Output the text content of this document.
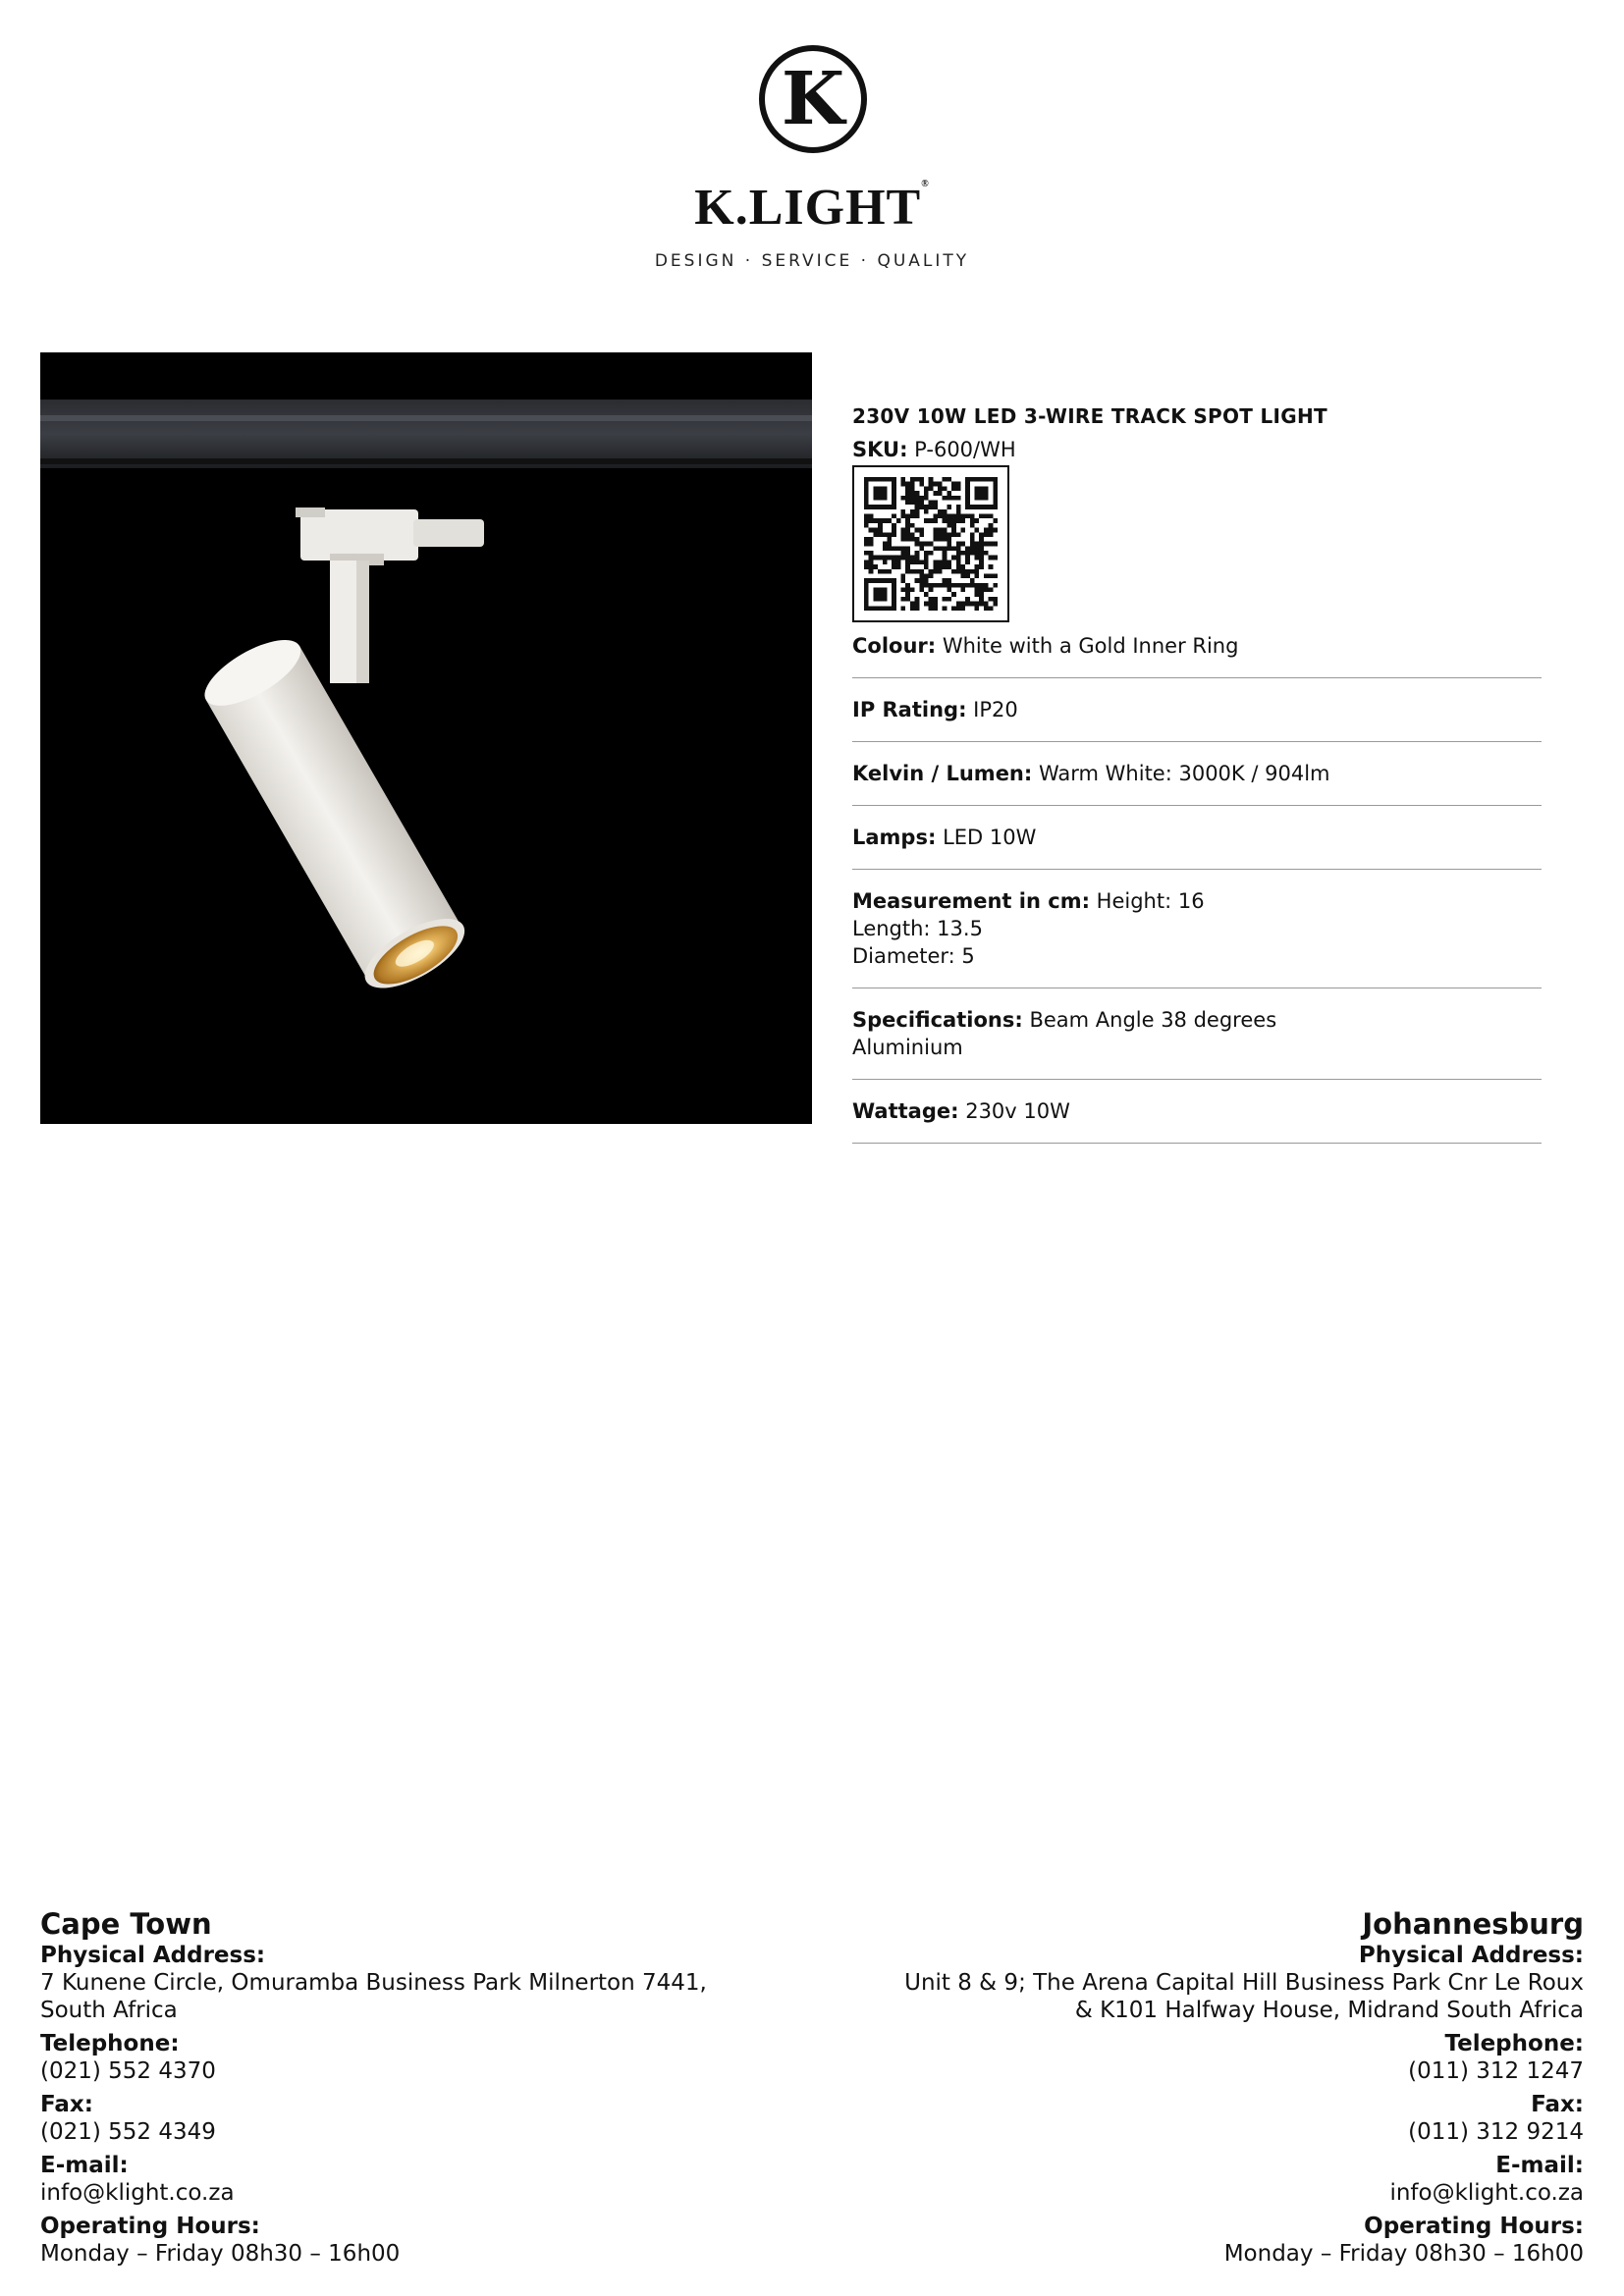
K
K.LIGHT®
DESIGN · SERVICE · QUALITY
230V 10W LED 3-WIRE TRACK SPOT LIGHT
SKU: P-600/WH
Colour: White with a Gold Inner Ring
IP Rating: IP20
Kelvin / Lumen: Warm White: 3000K / 904lm
Lamps: LED 10W
Measurement in cm: Height: 16
Length: 13.5
Diameter: 5
Specifications: Beam Angle 38 degrees
Aluminium
Wattage: 230v 10W
Cape Town
Physical Address:
7 Kunene Circle, Omuramba Business Park Milnerton 7441,
South Africa
Telephone:
(021) 552 4370
Fax:
(021) 552 4349
E-mail:
info@klight.co.za
Operating Hours:
Monday – Friday 08h30 – 16h00
Johannesburg
Physical Address:
Unit 8 & 9; The Arena Capital Hill Business Park Cnr Le Roux
& K101 Halfway House, Midrand South Africa
Telephone:
(011) 312 1247
Fax:
(011) 312 9214
E-mail:
info@klight.co.za
Operating Hours:
Monday – Friday 08h30 – 16h00
